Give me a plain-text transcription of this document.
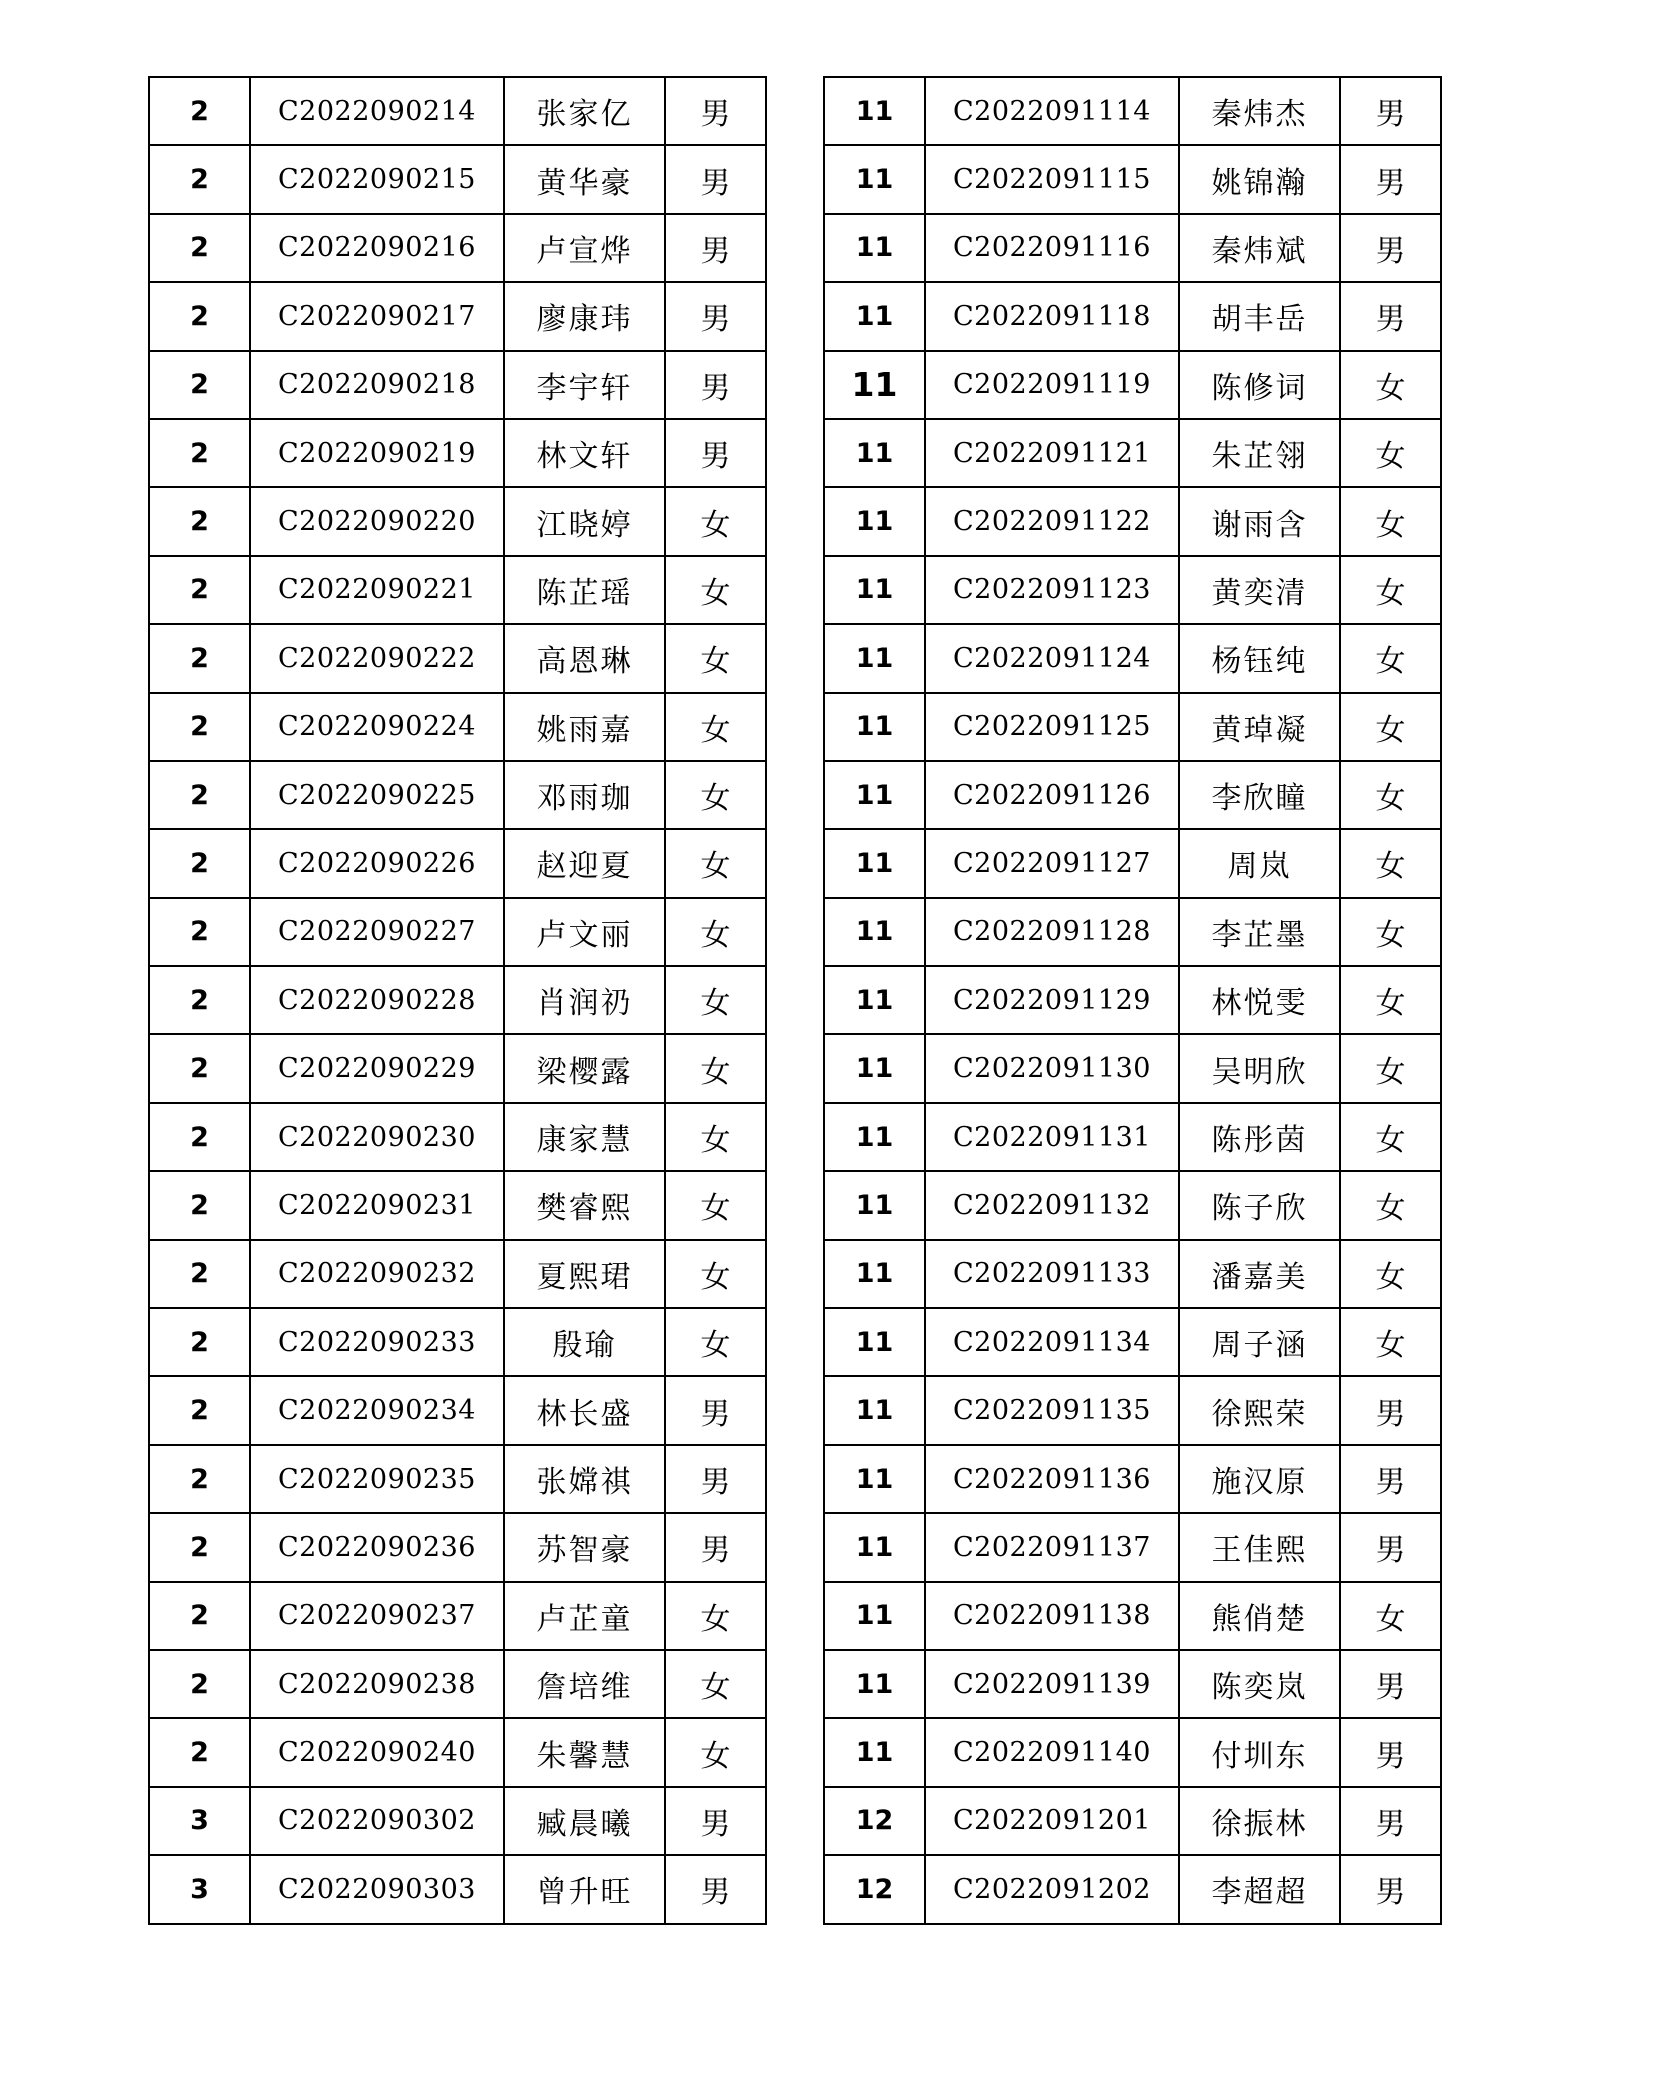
2	C2022090214	张家亿	男
2	C2022090215	黄华豪	男
2	C2022090216	卢宣烨	男
2	C2022090217	廖康玮	男
2	C2022090218	李宇轩	男
2	C2022090219	林文轩	男
2	C2022090220	江晓婷	女
2	C2022090221	陈芷瑶	女
2	C2022090222	高恩琳	女
2	C2022090224	姚雨嘉	女
2	C2022090225	邓雨珈	女
2	C2022090226	赵迎夏	女
2	C2022090227	卢文丽	女
2	C2022090228	肖润礽	女
2	C2022090229	梁樱露	女
2	C2022090230	康家慧	女
2	C2022090231	樊睿熙	女
2	C2022090232	夏熙珺	女
2	C2022090233	殷瑜	女
2	C2022090234	林长盛	男
2	C2022090235	张嫦祺	男
2	C2022090236	苏智豪	男
2	C2022090237	卢芷童	女
2	C2022090238	詹培维	女
2	C2022090240	朱馨慧	女
3	C2022090302	臧晨曦	男
3	C2022090303	曾升旺	男
11	C2022091114	秦炜杰	男
11	C2022091115	姚锦瀚	男
11	C2022091116	秦炜斌	男
11	C2022091118	胡丰岳	男
11	C2022091119	陈修词	女
11	C2022091121	朱芷翎	女
11	C2022091122	谢雨含	女
11	C2022091123	黄奕清	女
11	C2022091124	杨钰纯	女
11	C2022091125	黄琸凝	女
11	C2022091126	李欣瞳	女
11	C2022091127	周岚	女
11	C2022091128	李芷墨	女
11	C2022091129	林悦雯	女
11	C2022091130	吴明欣	女
11	C2022091131	陈彤茵	女
11	C2022091132	陈子欣	女
11	C2022091133	潘嘉美	女
11	C2022091134	周子涵	女
11	C2022091135	徐熙荣	男
11	C2022091136	施汉原	男
11	C2022091137	王佳熙	男
11	C2022091138	熊俏楚	女
11	C2022091139	陈奕岚	男
11	C2022091140	付圳东	男
12	C2022091201	徐振林	男
12	C2022091202	李超超	男
